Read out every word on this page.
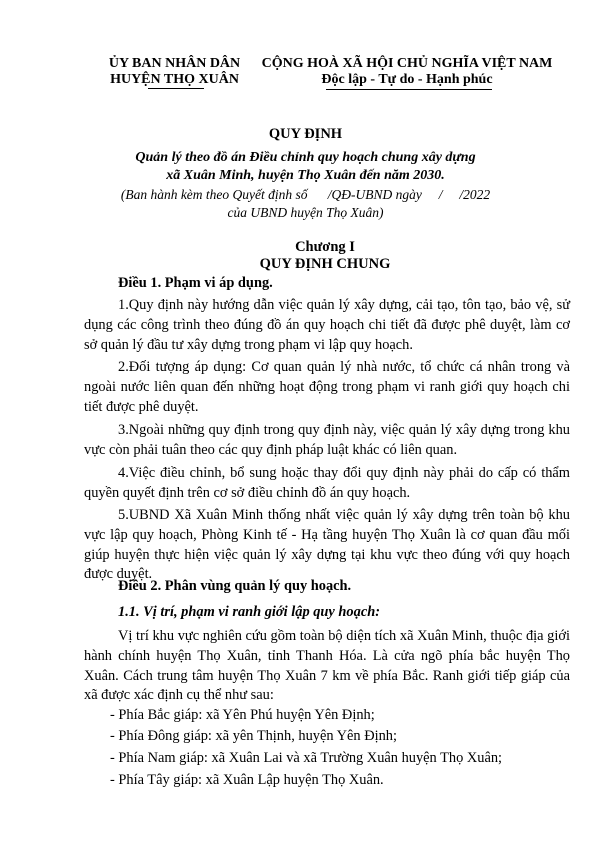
ỦY BAN NHÂN DÂN
HUYỆN THỌ XUÂN
CỘNG HOÀ XÃ HỘI CHỦ NGHĨA VIỆT NAM
Độc lập - Tự do - Hạnh phúc
QUY ĐỊNH
Quản lý theo đồ án Điều chỉnh quy hoạch chung xây dựng
xã Xuân Minh, huyện Thọ Xuân đến năm 2030.
(Ban hành kèm theo Quyết định số      /QĐ-UBND ngày     /     /2022
của UBND huyện Thọ Xuân)
Chương I
QUY ĐỊNH CHUNG
Điều 1. Phạm vi áp dụng.
1.Quy định này hướng dẫn việc quản lý xây dựng, cải tạo, tôn tạo, bảo vệ, sử dụng các công trình theo đúng đồ án quy hoạch chi tiết đã được phê duyệt, làm cơ sở quản lý đầu tư xây dựng trong phạm vi lập quy hoạch.
2.Đối tượng áp dụng: Cơ quan quản lý nhà nước, tổ chức cá nhân trong và ngoài nước liên quan đến những hoạt động trong phạm vi ranh giới quy hoạch chi tiết được phê duyệt.
3.Ngoài những quy định trong quy định này, việc quản lý xây dựng trong khu vực còn phải tuân theo các quy định pháp luật khác có liên quan.
4.Việc điều chỉnh, bổ sung hoặc thay đổi quy định này phải do cấp có thẩm quyền quyết định trên cơ sở điều chỉnh đồ án quy hoạch.
5.UBND Xã Xuân Minh thống nhất việc quản lý xây dựng trên toàn bộ khu vực lập quy hoạch, Phòng Kinh tế - Hạ tầng huyện Thọ Xuân là cơ quan đầu mối giúp huyện thực hiện việc quản lý xây dựng tại khu vực theo đúng với quy hoạch được duyệt.
Điều 2. Phân vùng quản lý quy hoạch.
1.1. Vị trí, phạm vi ranh giới lập quy hoạch:
Vị trí khu vực nghiên cứu gồm toàn bộ diện tích xã Xuân Minh, thuộc địa giới hành chính huyện Thọ Xuân, tỉnh Thanh Hóa. Là cửa ngõ phía bắc huyện Thọ Xuân. Cách trung tâm huyện Thọ Xuân 7 km về phía Bắc. Ranh giới tiếp giáp của xã được xác định cụ thể như sau:
- Phía Bắc giáp: xã Yên Phú huyện Yên Định;
- Phía Đông giáp: xã yên Thịnh, huyện Yên Định;
- Phía Nam giáp: xã Xuân Lai và xã Trường Xuân huyện Thọ Xuân;
- Phía Tây giáp: xã Xuân Lập huyện Thọ Xuân.
